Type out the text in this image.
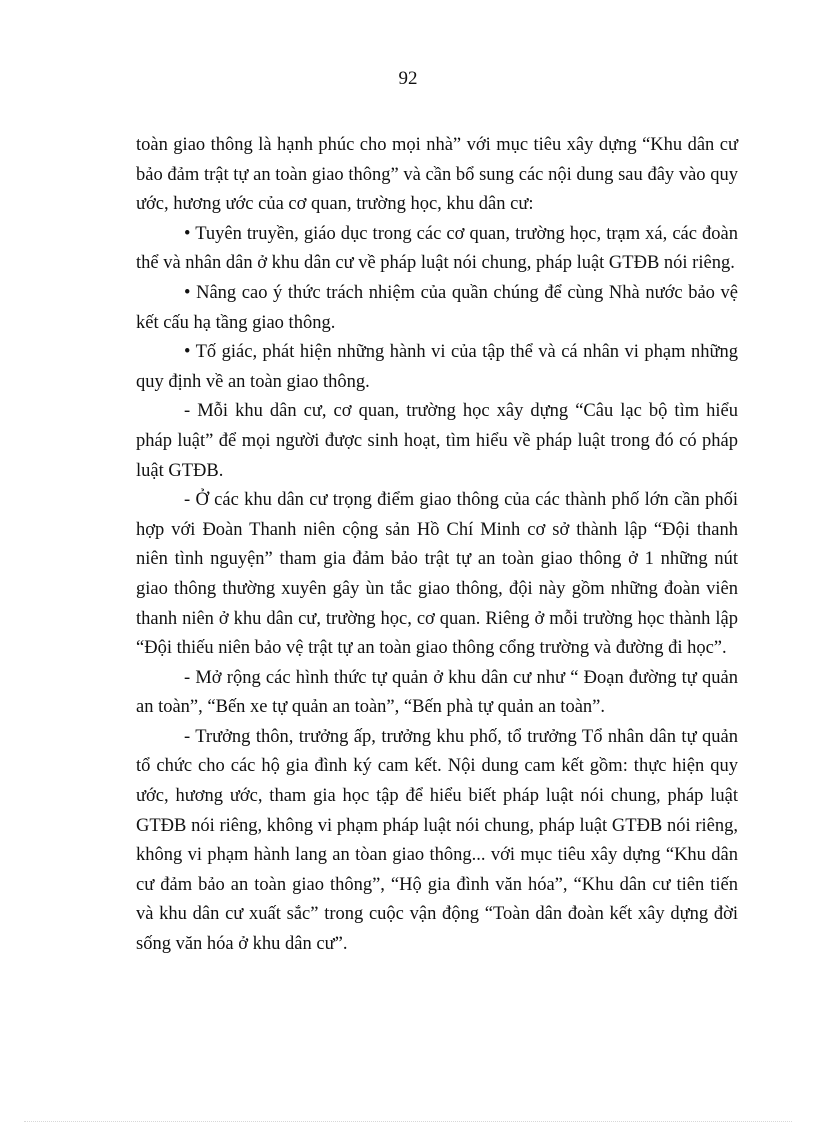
92

toàn giao thông là hạnh phúc cho mọi nhà” với mục tiêu xây dựng “Khu dân cư bảo đảm trật tự an toàn giao thông” và cần bổ sung các nội dung sau đây vào quy ước, hương ước của cơ quan, trường học, khu dân cư:

• Tuyên truyền, giáo dục trong các cơ quan, trường học, trạm xá, các đoàn thể và nhân dân ở khu dân cư về pháp luật nói chung, pháp luật GTĐB nói riêng.

• Nâng cao ý thức trách nhiệm của quần chúng để cùng Nhà nước bảo vệ kết cấu hạ tầng giao thông.

• Tố giác, phát hiện những hành vi của tập thể và cá nhân vi phạm những quy định về an toàn giao thông.

- Mỗi khu dân cư, cơ quan, trường học xây dựng “Câu lạc bộ tìm hiểu pháp luật” để mọi người được sinh hoạt, tìm hiểu về pháp luật trong đó có pháp luật GTĐB.

- Ở các khu dân cư trọng điểm giao thông của các thành phố lớn cần phối hợp với Đoàn Thanh niên cộng sản Hồ Chí Minh cơ sở thành lập “Đội thanh niên tình nguyện” tham gia đảm bảo trật tự an toàn giao thông ở 1 những nút giao thông thường xuyên gây ùn tắc giao thông, đội này gồm những đoàn viên thanh niên ở khu dân cư, trường học, cơ quan. Riêng ở mỗi trường học thành lập “Đội thiếu niên bảo vệ trật tự an toàn giao thông cổng trường và đường đi học”.

- Mở rộng các hình thức tự quản ở khu dân cư như “ Đoạn đường tự quản an toàn”, “Bến xe tự quản an toàn”, “Bến phà tự quản an toàn”.

- Trưởng thôn, trưởng ấp, trưởng khu phố, tổ trưởng Tổ nhân dân tự quản tổ chức cho các hộ gia đình ký cam kết. Nội dung cam kết gồm: thực hiện quy ước, hương ước, tham gia học tập để hiểu biết pháp luật nói chung, pháp luật GTĐB nói riêng, không vi phạm pháp luật nói chung, pháp luật GTĐB nói riêng, không vi phạm hành lang an tòan giao thông... với mục tiêu xây dựng “Khu dân cư đảm bảo an toàn giao thông”, “Hộ gia đình văn hóa”, “Khu dân cư tiên tiến và khu dân cư xuất sắc” trong cuộc vận động “Toàn dân đoàn kết xây dựng đời sống văn hóa ở khu dân cư”.
